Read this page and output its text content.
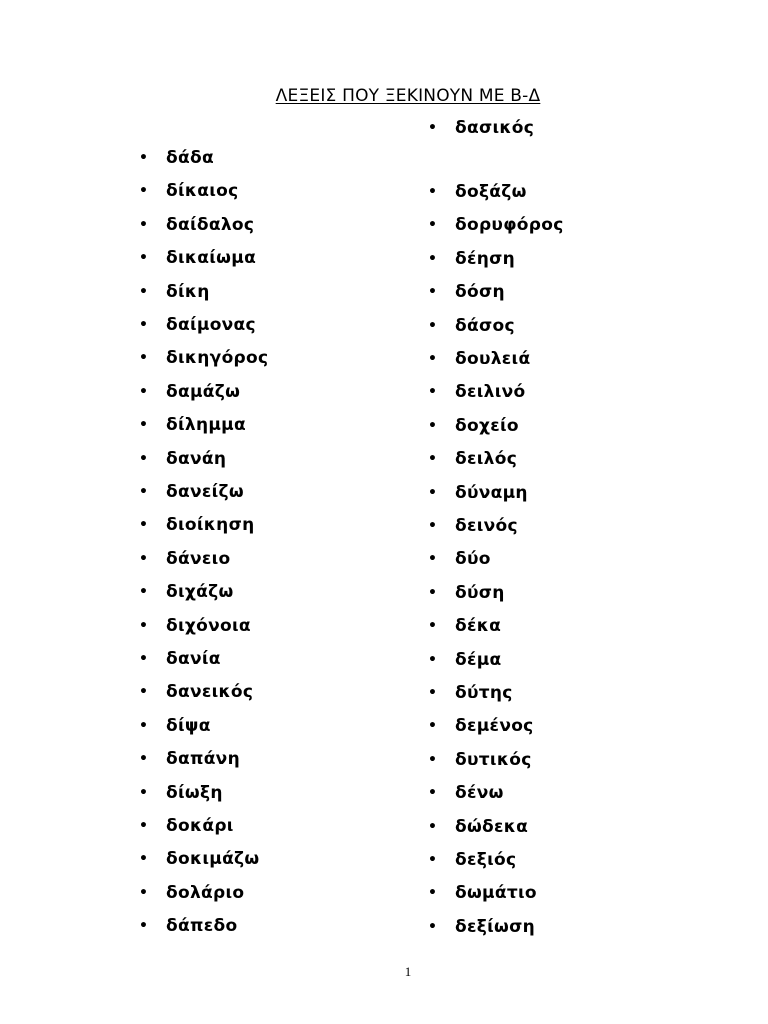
ΛΕΞΕΙΣ ΠΟΥ ΞΕΚΙΝΟΥΝ ΜΕ Β-Δ
• δάδα
• δίκαιος
• δαίδαλος
• δικαίωμα
• δίκη
• δαίμονας
• δικηγόρος
• δαμάζω
• δίλημμα
• δανάη
• δανείζω
• διοίκηση
• δάνειο
• διχάζω
• διχόνοια
• δανία
• δανεικός
• δίψα
• δαπάνη
• δίωξη
• δοκάρι
• δοκιμάζω
• δολάριο
• δάπεδο
• δασικός
• δοξάζω
• δορυφόρος
• δέηση
• δόση
• δάσος
• δουλειά
• δειλινό
• δοχείο
• δειλός
• δύναμη
• δεινός
• δύο
• δύση
• δέκα
• δέμα
• δύτης
• δεμένος
• δυτικός
• δένω
• δώδεκα
• δεξιός
• δωμάτιο
• δεξίωση
1
